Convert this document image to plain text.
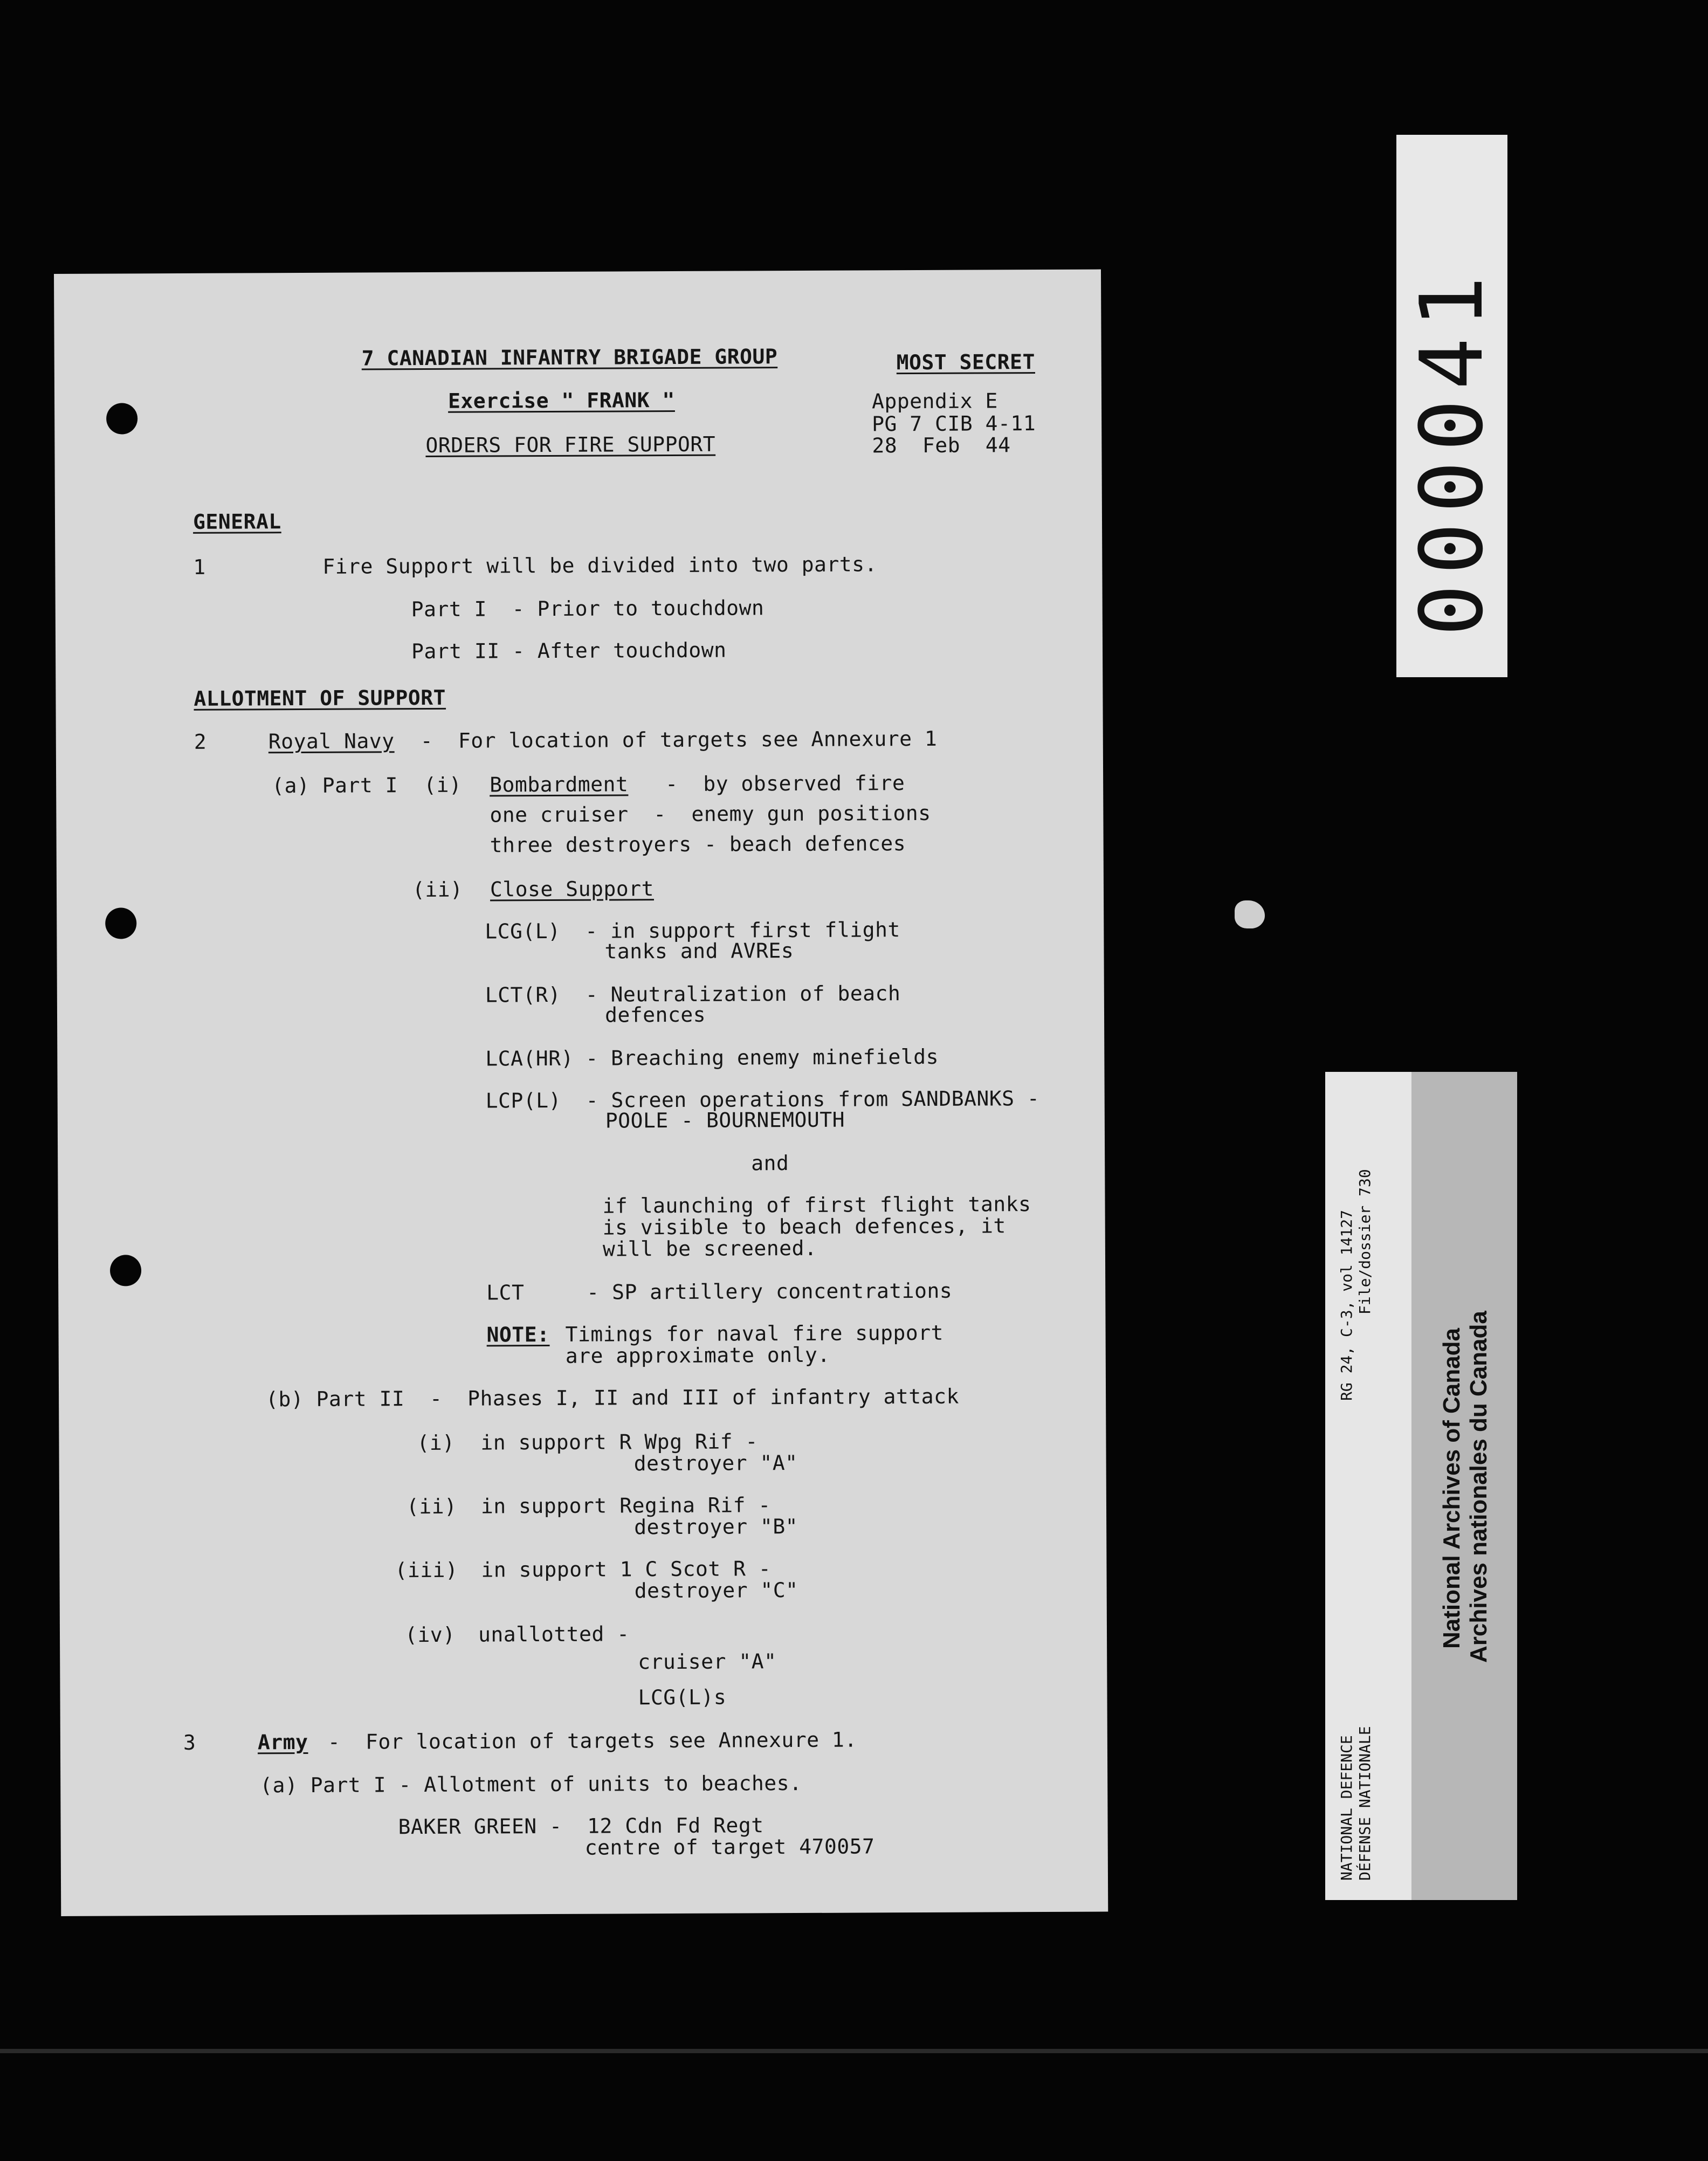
7 CANADIAN INFANTRY BRIGADE GROUP	MOST SECRET
Exercise " FRANK "
ORDERS FOR FIRE SUPPORT
Appendix E
PG 7 CIB 4-11
28  Feb  44
GENERAL
1	Fire Support will be divided into two parts.
Part I  - Prior to touchdown
Part II - After touchdown
ALLOTMENT OF SUPPORT
2	Royal Navy -  For location of targets see Annexure 1
(a) Part I (i) Bombardment -  by observed fire
one cruiser  -  enemy gun positions
three destroyers - beach defences
(ii) Close Support
LCG(L) - in support first flight
tanks and AVREs
LCT(R) - Neutralization of beach
defences
LCA(HR) - Breaching enemy minefields
LCP(L) - Screen operations from SANDBANKS -
POOLE - BOURNEMOUTH
and
if launching of first flight tanks
is visible to beach defences, it
will be screened.
LCT	- SP artillery concentrations
NOTE: Timings for naval fire support
are approximate only.
(b) Part II  -  Phases I, II and III of infantry attack
(i) in support R Wpg Rif -
destroyer "A"
(ii) in support Regina Rif -
destroyer "B"
(iii) in support 1 C Scot R -
destroyer "C"
(iv) unallotted -
cruiser "A"
LCG(L)s
3	Army -  For location of targets see Annexure 1.
(a) Part I - Allotment of units to beaches.
BAKER GREEN -  12 Cdn Fd Regt
centre of target 470057
000041
RG 24, C-3, vol 14127 File/dossier 730
NATIONAL DEFENCE DÉFENSE NATIONALE
National Archives of Canada Archives nationales du Canada
